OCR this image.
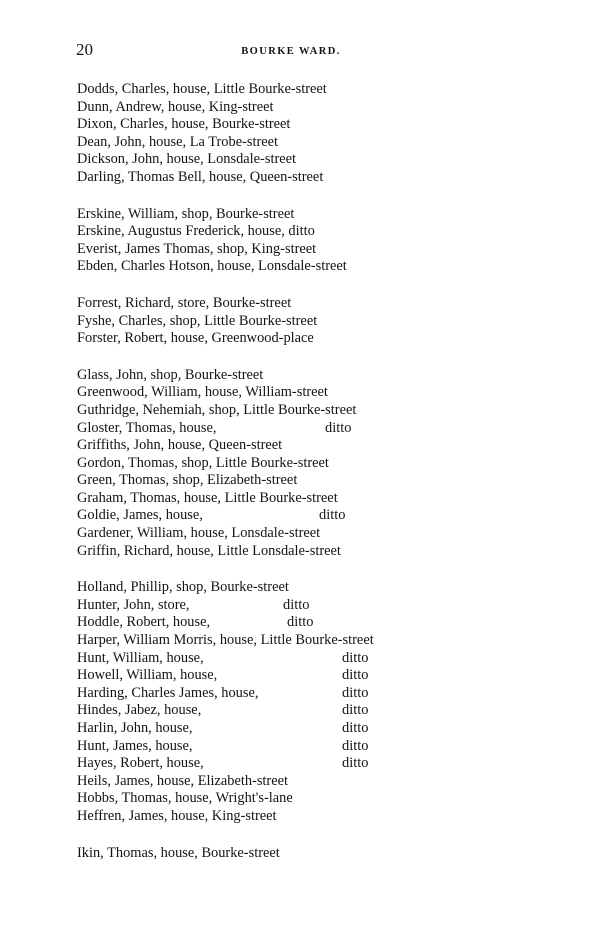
20	BOURKE WARD.
Dodds, Charles, house, Little Bourke-street
Dunn, Andrew, house, King-street
Dixon, Charles, house, Bourke-street
Dean, John, house, La Trobe-street
Dickson, John, house, Lonsdale-street
Darling, Thomas Bell, house, Queen-street
Erskine, William, shop, Bourke-street
Erskine, Augustus Frederick, house, ditto
Everist, James Thomas, shop, King-street
Ebden, Charles Hotson, house, Lonsdale-street
Forrest, Richard, store, Bourke-street
Fyshe, Charles, shop, Little Bourke-street
Forster, Robert, house, Greenwood-place
Glass, John, shop, Bourke-street
Greenwood, William, house, William-street
Guthridge, Nehemiah, shop, Little Bourke-street
Gloster, Thomas, house,	ditto
Griffiths, John, house, Queen-street
Gordon, Thomas, shop, Little Bourke-street
Green, Thomas, shop, Elizabeth-street
Graham, Thomas, house, Little Bourke-street
Goldie, James, house,	ditto
Gardener, William, house, Lonsdale-street
Griffin, Richard, house, Little Lonsdale-street
Holland, Phillip, shop, Bourke-street
Hunter, John, store,	ditto
Hoddle, Robert, house,	ditto
Harper, William Morris, house, Little Bourke-street
Hunt, William, house,	ditto
Howell, William, house,	ditto
Harding, Charles James, house,	ditto
Hindes, Jabez, house,	ditto
Harlin, John, house,	ditto
Hunt, James, house,	ditto
Hayes, Robert, house,	ditto
Heils, James, house, Elizabeth-street
Hobbs, Thomas, house, Wright's-lane
Heffren, James, house, King-street
Ikin, Thomas, house, Bourke-street
